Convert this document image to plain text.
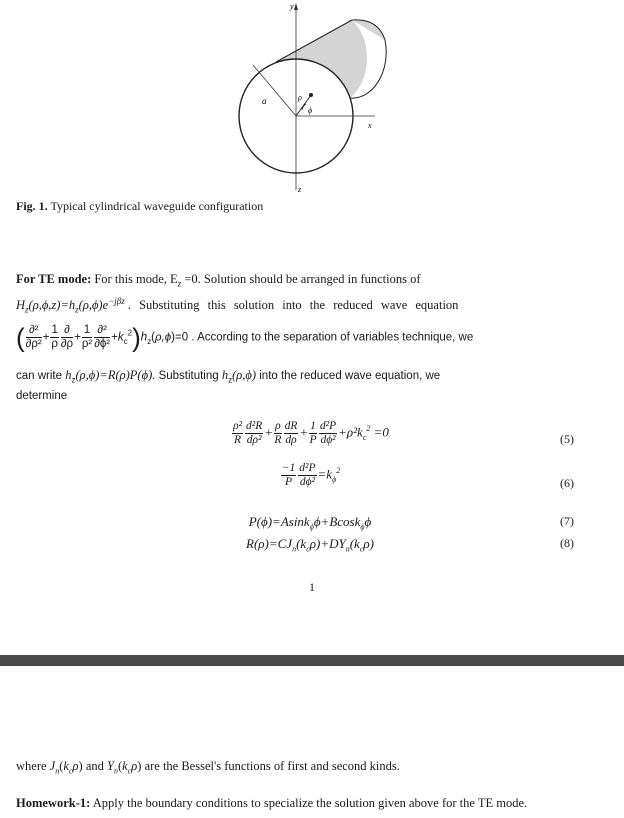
y
x
z
a	ρ
ϕ
Fig. 1. Typical cylindrical waveguide configuration
For TE mode: For this mode, $E_z =0$. Solution should be arranged in functions of
$H_z(\rho,\phi,z)=h_z(\rho,\phi)e^{-j\beta z}$ . Substituting this solution into the reduced wave equation
( $\frac{\text{∂²}}{\text{∂ρ²}} + \frac{1}{\rho} \frac{\partial}{\partial\rho} + \frac{1}{\text{ρ²}} \frac{\text{∂²}}{\text{∂ϕ²}} +k_c^2)h_z(\rho,\phi)=0$ . According to the separation of variables technique, we
can write $h_z(\rho,\phi)=R(\rho)P(\phi)$. Substituting $h_z(\rho,\phi)$ into the reduced wave equation, we
determine
$\frac{\text{ρ²}}{R} \frac{\text{d²R}}{\text{dρ²}} + \frac{\rho}{R} \frac{dR}{d\rho} + \frac{1}{P} \frac{\text{d²P}}{\text{dϕ²}} +\rho^2k_c^2 =0$	(5)
$\frac{-1}{P} \frac{\text{d²P}}{\text{dϕ²}} =k_\phi^2$
(6)
P(ϕ)=Asink$_\phi$ϕ+Bcosk$_\phi$ϕ	(7)
$R(\rho)=CJ_n(k_c\rho)+DY_n(k_c\rho)$	(8)
1
where $J_n(k_c\rho)$ and $Y_n(k_c\rho)$ are the Bessel's functions of first and second kinds.
Homework-1: Apply the boundary conditions to specialize the solution given above for the TE mode.
